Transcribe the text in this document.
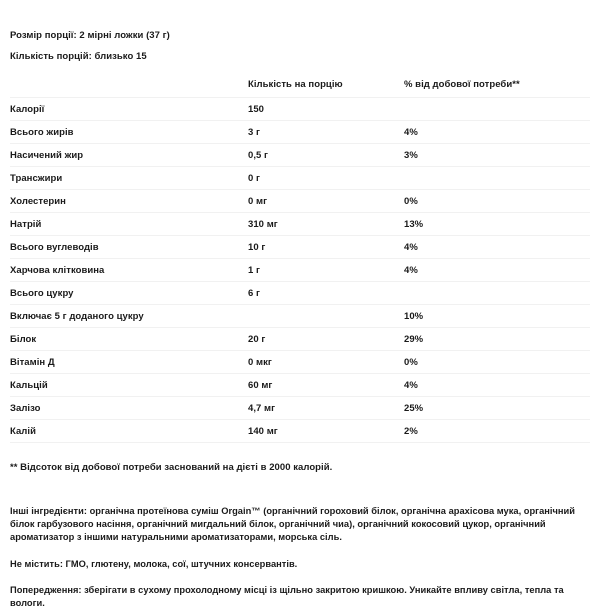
Розмір порції: 2 мірні ложки (37 г)
Кількість порцій: близько 15
	Кількість на порцію	% від добової потреби**
Калорії	150	
Всього жирів	3 г	4%
Насичений жир	0,5 г	3%
Трансжири	0 г	
Холестерин	0 мг	0%
Натрій	310 мг	13%
Всього вуглеводів	10 г	4%
Харчова клітковина	1 г	4%
Всього цукру	6 г	
Включає 5 г доданого цукру		10%
Білок	20 г	29%
Вітамін Д	0 мкг	0%
Кальцій	60 мг	4%
Залізо	4,7 мг	25%
Калій	140 мг	2%
** Відсоток від добової потреби заснований на дієті в 2000 калорій.
Інші інгредієнти: органічна протеїнова суміш Orgain™ (органічний гороховий білок, органічна арахісова мука, органічний білок гарбузового насіння, органічний мигдальний білок, органічний чиа), органічний кокосовий цукор, органічний ароматизатор з іншими натуральними ароматизаторами, морська сіль.
Не містить: ГМО, глютену, молока, сої, штучних консервантів.
Попередження: зберігати в сухому прохолодному місці із щільно закритою кришкою. Уникайте впливу світла, тепла та вологи.
